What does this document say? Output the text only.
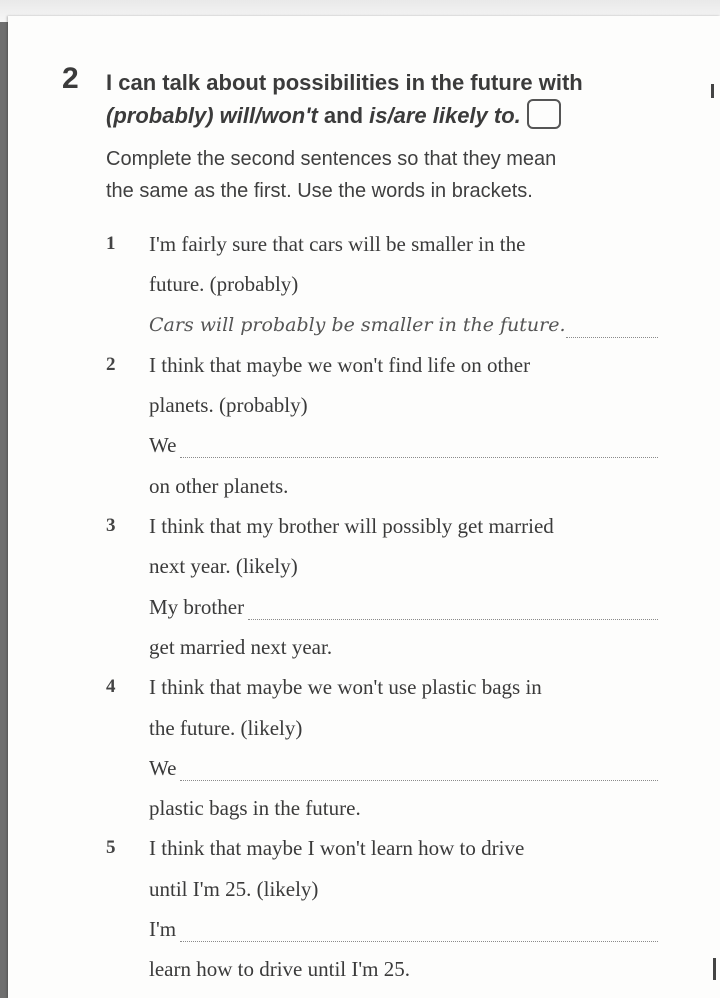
2 I can talk about possibilities in the future with
(probably) will/won't and is/are likely to.
Complete the second sentences so that they mean
the same as the first. Use the words in brackets.
1 I'm fairly sure that cars will be smaller in the
future. (probably)
Cars will probably be smaller in the future.
2 I think that maybe we won't find life on other
planets. (probably)
We
on other planets.
3 I think that my brother will possibly get married
next year. (likely)
My brother
get married next year.
4 I think that maybe we won't use plastic bags in
the future. (likely)
We
plastic bags in the future.
5 I think that maybe I won't learn how to drive
until I'm 25. (likely)
I'm
learn how to drive until I'm 25.
